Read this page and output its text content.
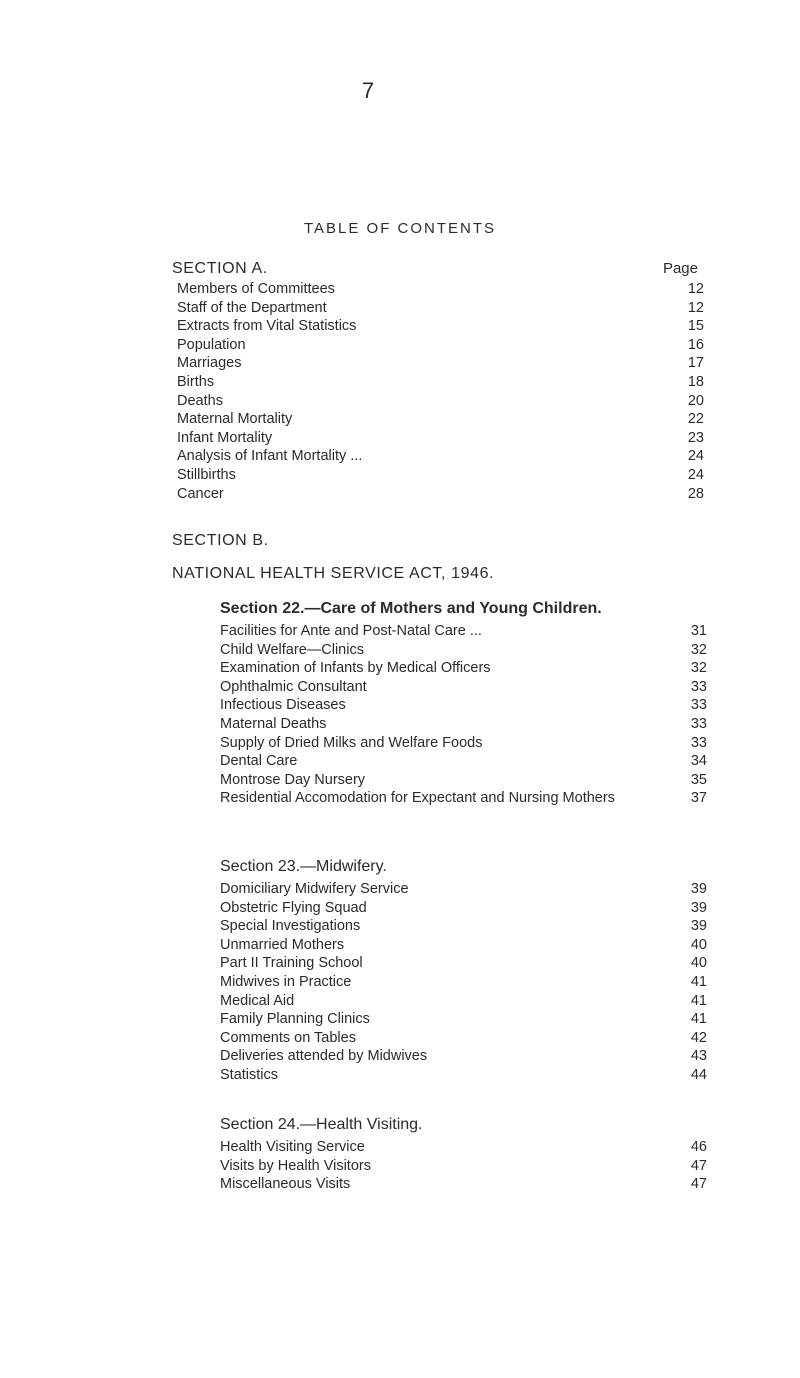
7
TABLE OF CONTENTS
SECTION A.	Page
Members of Committees	12
Staff of the Department	12
Extracts from Vital Statistics	15
Population	16
Marriages	17
Births	18
Deaths	20
Maternal Mortality	22
Infant Mortality	23
Analysis of Infant Mortality ...	24
Stillbirths	24
Cancer	28
SECTION B.
NATIONAL HEALTH SERVICE ACT, 1946.
Section 22.—Care of Mothers and Young Children.
Facilities for Ante and Post-Natal Care ...	31
Child Welfare—Clinics	32
Examination of Infants by Medical Officers	32
Ophthalmic Consultant	33
Infectious Diseases	33
Maternal Deaths	33
Supply of Dried Milks and Welfare Foods	33
Dental Care	34
Montrose Day Nursery	35
Residential Accomodation for Expectant and Nursing Mothers	37
Section 23.—Midwifery.
Domiciliary Midwifery Service	39
Obstetric Flying Squad	39
Special Investigations	39
Unmarried Mothers	40
Part II Training School	40
Midwives in Practice	41
Medical Aid	41
Family Planning Clinics	41
Comments on Tables	42
Deliveries attended by Midwives	43
Statistics	44
Section 24.—Health Visiting.
Health Visiting Service	46
Visits by Health Visitors	47
Miscellaneous Visits	47
